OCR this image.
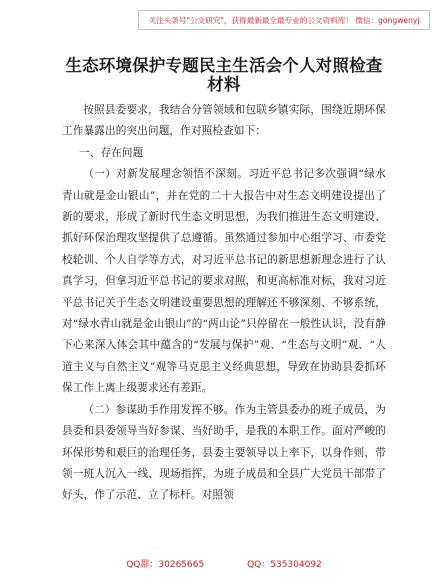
关注头条号"公文研究"，获得最新最全最专业的公文资料库！ 微信：gongwenyj
生态环境保护专题民主生活会个人对照检查材料

按照县委要求，我结合分管领域和包联乡镇实际，围绕近期环保工作暴露出的突出问题，作对照检查如下：

一、存在问题

（一）对新发展理念领悟不深刻。习近平总书记多次强调“绿水青山就是金山银山”，并在党的二十大报告中对生态文明建设提出了新的要求，形成了新时代生态文明思想，为我们推进生态文明建设、抓好环保治理攻坚提供了总遵循。虽然通过参加中心组学习、市委党校轮训、个人自学等方式，对习近平总书记的新思想新理念进行了认真学习，但拿习近平总书记的要求对照，和更高标准对标，我对习近平总书记关于生态文明建设重要思想的理解还不够深刻、不够系统，对“绿水青山就是金山银山”的“两山论”只停留在一般性认识，没有静下心来深入体会其中蕴含的“发展与保护”观、“生态与文明”观、“人道主义与自然主义”观等马克思主义经典思想，导致在协助县委抓环保工作上离上级要求还有差距。

（二）参谋助手作用发挥不够。作为主管县委办的班子成员，为县委和县委领导当好参谋、当好助手，是我的本职工作。面对严峻的环保形势和艰巨的治理任务，县委主要领导以上率下，以身作则，带领一班人沉入一线、现场指挥，为班子成员和全县广大党员干部带了好头，作了示范、立了标杆。对照领

QQ群：30265665	QQ：535304092
